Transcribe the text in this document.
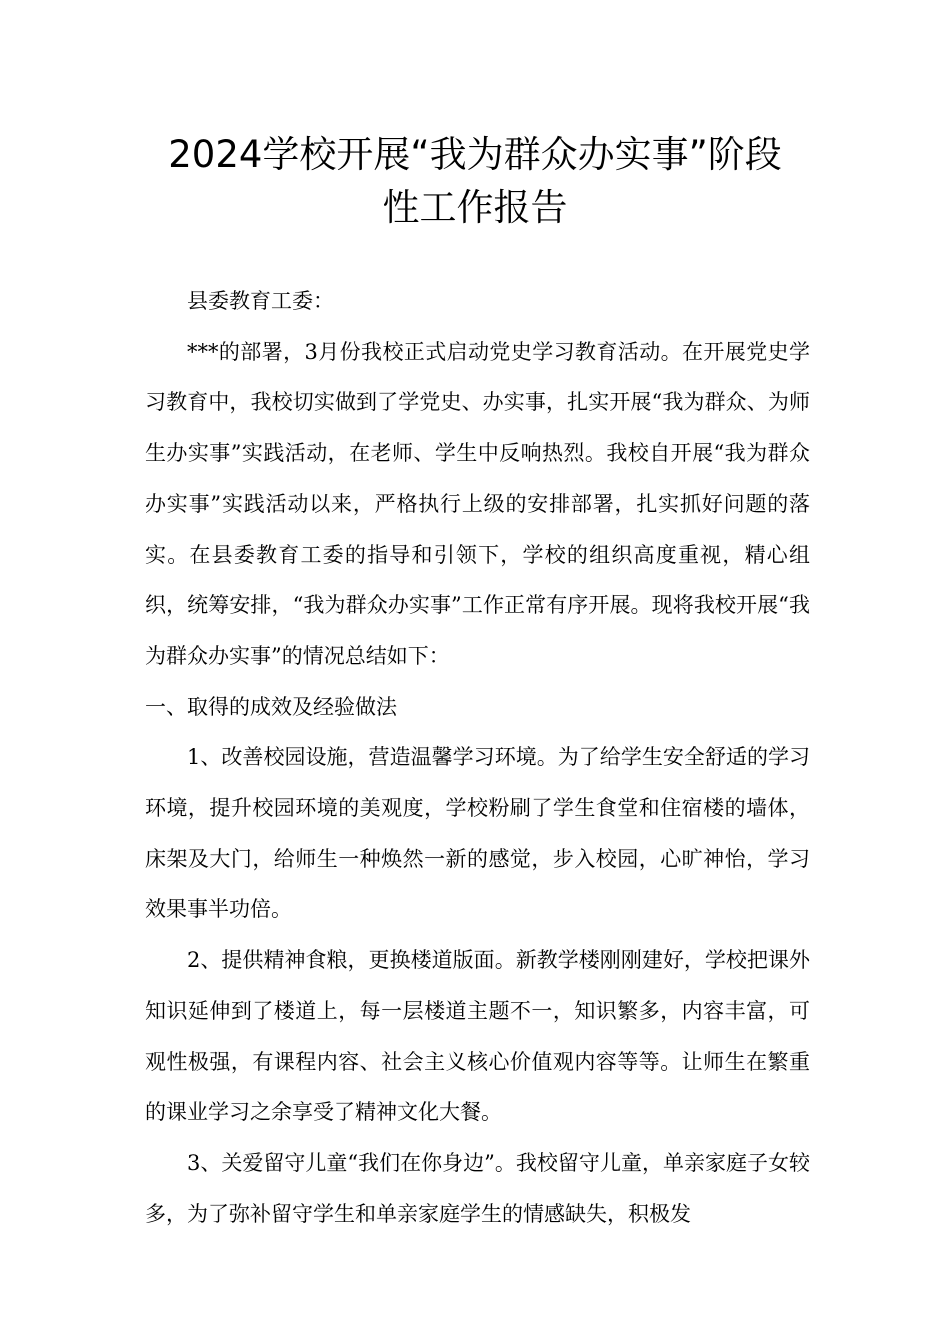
2024学校开展“我为群众办实事”阶段
性工作报告

县委教育工委：

***的部署，3月份我校正式启动党史学习教育活动。在开展党史学习教育中，我校切实做到了学党史、办实事，扎实开展“我为群众、为师生办实事”实践活动，在老师、学生中反响热烈。我校自开展“我为群众办实事”实践活动以来，严格执行上级的安排部署，扎实抓好问题的落实。在县委教育工委的指导和引领下，学校的组织高度重视，精心组织，统筹安排，“我为群众办实事”工作正常有序开展。现将我校开展“我为群众办实事”的情况总结如下：

一、取得的成效及经验做法

1、改善校园设施，营造温馨学习环境。为了给学生安全舒适的学习环境，提升校园环境的美观度，学校粉刷了学生食堂和住宿楼的墙体，床架及大门，给师生一种焕然一新的感觉，步入校园，心旷神怡，学习效果事半功倍。

2、提供精神食粮，更换楼道版面。新教学楼刚刚建好，学校把课外知识延伸到了楼道上，每一层楼道主题不一，知识繁多，内容丰富，可观性极强，有课程内容、社会主义核心价值观内容等等。让师生在繁重的课业学习之余享受了精神文化大餐。

3、关爱留守儿童“我们在你身边”。我校留守儿童，单亲家庭子女较多，为了弥补留守学生和单亲家庭学生的情感缺失，积极发
